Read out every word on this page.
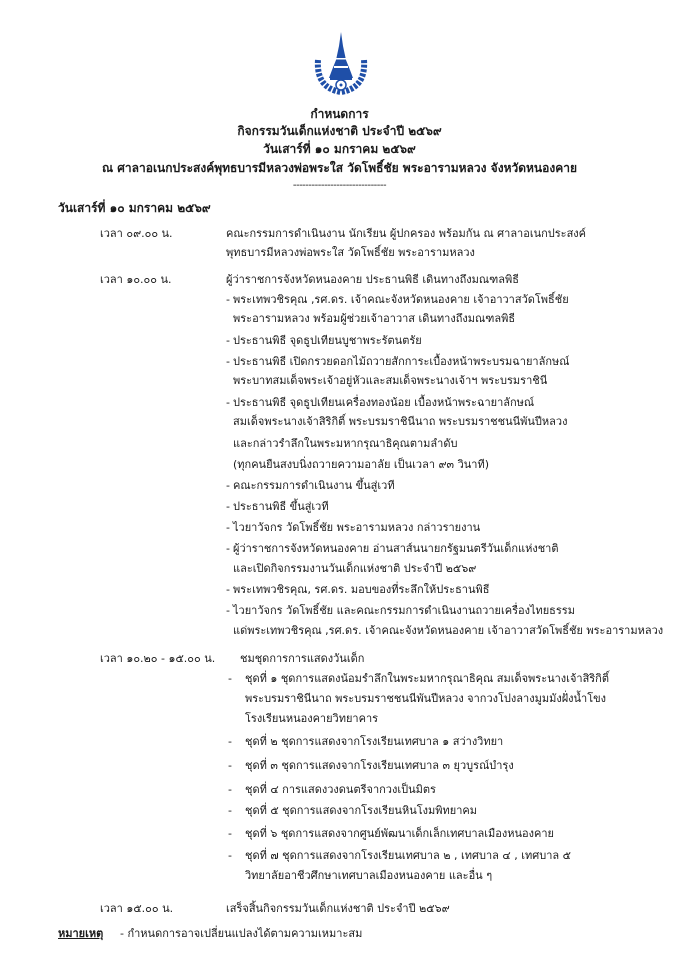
กำหนดการ
กิจกรรมวันเด็กแห่งชาติ ประจำปี ๒๕๖๙
วันเสาร์ที่ ๑๐ มกราคม ๒๕๖๙
ณ ศาลาอเนกประสงค์พุทธบารมีหลวงพ่อพระใส วัดโพธิ์ชัย พระอารามหลวง จังหวัดหนองคาย
------------------------------
วันเสาร์ที่ ๑๐ มกราคม ๒๕๖๙
เวลา ๐๙.๐๐ น.	คณะกรรมการดำเนินงาน นักเรียน ผู้ปกครอง พร้อมกัน ณ ศาลาอเนกประสงค์
พุทธบารมีหลวงพ่อพระใส วัดโพธิ์ชัย พระอารามหลวง
เวลา ๑๐.๐๐ น.	ผู้ว่าราชการจังหวัดหนองคาย ประธานพิธี เดินทางถึงมณฑลพิธี
- พระเทพวชิรคุณ ,รศ.ดร. เจ้าคณะจังหวัดหนองคาย เจ้าอาวาสวัดโพธิ์ชัย
พระอารามหลวง พร้อมผู้ช่วยเจ้าอาวาส เดินทางถึงมณฑลพิธี
- ประธานพิธี จุดธูปเทียนบูชาพระรัตนตรัย
- ประธานพิธี เปิดกรวยดอกไม้ถวายสักการะเบื้องหน้าพระบรมฉายาลักษณ์
พระบาทสมเด็จพระเจ้าอยู่หัวและสมเด็จพระนางเจ้าฯ พระบรมราชินี
- ประธานพิธี จุดธูปเทียนเครื่องทองน้อย เบื้องหน้าพระฉายาลักษณ์
สมเด็จพระนางเจ้าสิริกิติ์ พระบรมราชินีนาถ พระบรมราชชนนีพันปีหลวง
และกล่าวรำลึกในพระมหากรุณาธิคุณตามลำดับ
(ทุกคนยืนสงบนิ่งถวายความอาลัย เป็นเวลา ๙๓ วินาที)
- คณะกรรมการดำเนินงาน ขึ้นสู่เวที
- ประธานพิธี ขึ้นสู่เวที
- ไวยาวัจกร วัดโพธิ์ชัย พระอารามหลวง กล่าวรายงาน
- ผู้ว่าราชการจังหวัดหนองคาย อ่านสาส์นนายกรัฐมนตรีวันเด็กแห่งชาติ
และเปิดกิจกรรมงานวันเด็กแห่งชาติ ประจำปี ๒๕๖๙
- พระเทพวชิรคุณ, รศ.ดร. มอบของที่ระลึกให้ประธานพิธี
- ไวยาวัจกร วัดโพธิ์ชัย และคณะกรรมการดำเนินงานถวายเครื่องไทยธรรม
แด่พระเทพวชิรคุณ ,รศ.ดร. เจ้าคณะจังหวัดหนองคาย เจ้าอาวาสวัดโพธิ์ชัย พระอารามหลวง
เวลา ๑๐.๒๐ - ๑๕.๐๐ น. ชมชุดการการแสดงวันเด็ก
- ชุดที่ ๑ ชุดการแสดงน้อมรำลึกในพระมหากรุณาธิคุณ สมเด็จพระนางเจ้าสิริกิติ์
พระบรมราชินีนาถ พระบรมราชชนนีพันปีหลวง จากวงโปงลางมูมมังฝั่งน้ำโขง
โรงเรียนหนองคายวิทยาคาร
- ชุดที่ ๒ ชุดการแสดงจากโรงเรียนเทศบาล ๑ สว่างวิทยา
- ชุดที่ ๓ ชุดการแสดงจากโรงเรียนเทศบาล ๓ ยุวบูรณ์บำรุง
- ชุดที่ ๔ การแสดงวงดนตรีจากวงเป็นมิตร
- ชุดที่ ๕ ชุดการแสดงจากโรงเรียนหินโงมพิทยาคม
- ชุดที่ ๖ ชุดการแสดงจากศูนย์พัฒนาเด็กเล็กเทศบาลเมืองหนองคาย
- ชุดที่ ๗ ชุดการแสดงจากโรงเรียนเทศบาล ๒ , เทศบาล ๔ , เทศบาล ๕
วิทยาลัยอาชีวศึกษาเทศบาลเมืองหนองคาย และอื่น ๆ
เวลา ๑๕.๐๐ น.	เสร็จสิ้นกิจกรรมวันเด็กแห่งชาติ ประจำปี ๒๕๖๙
หมายเหตุ - กำหนดการอาจเปลี่ยนแปลงได้ตามความเหมาะสม
